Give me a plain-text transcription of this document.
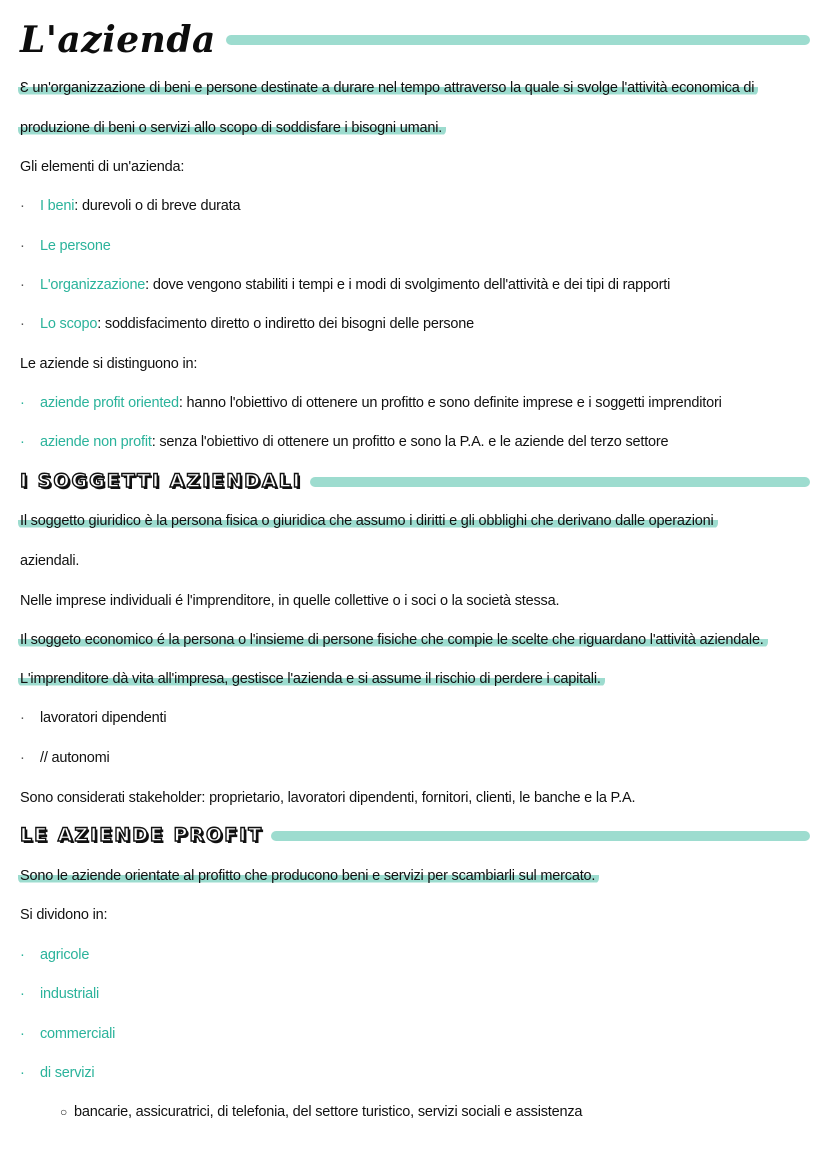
L'azienda
Ɛ un'organizzazione di beni e persone destinate a durare nel tempo attraverso la quale si svolge l'attività economica di
produzione di beni o servizi allo scopo di soddisfare i bisogni umani.
Gli elementi di un'azienda:
· I beni: durevoli o di breve durata
· Le persone
· L'organizzazione: dove vengono stabiliti i tempi e i modi di svolgimento dell'attività e dei tipi di rapporti
· Lo scopo: soddisfacimento diretto o indiretto dei bisogni delle persone
Le aziende si distinguono in:
· aziende profit oriented: hanno l'obiettivo di ottenere un profitto e sono definite imprese e i soggetti imprenditori
· aziende non profit: senza l'obiettivo di ottenere un profitto e sono la P.A. e le aziende del terzo settore
I SOGGETTI AZIENDALI
Il soggetto giuridico è la persona fisica o giuridica che assumo i diritti e gli obblighi che derivano dalle operazioni
aziendali.
Nelle imprese individuali é l'imprenditore, in quelle collettive o i soci o la società stessa.
Il soggeto economico é la persona o l'insieme di persone fisiche che compie le scelte che riguardano l'attività aziendale.
L'imprenditore dà vita all'impresa, gestisce l'azienda e si assume il rischio di perdere i capitali.
· lavoratori dipendenti
· // autonomi
Sono considerati stakeholder: proprietario, lavoratori dipendenti, fornitori, clienti, le banche e la P.A.
LE AZIENDE PROFIT
Sono le aziende orientate al profitto che producono beni e servizi per scambiarli sul mercato.
Si dividono in:
· agricole
· industriali
· commerciali
· di servizi
○ bancarie, assicuratrici, di telefonia, del settore turistico, servizi sociali e assistenza
